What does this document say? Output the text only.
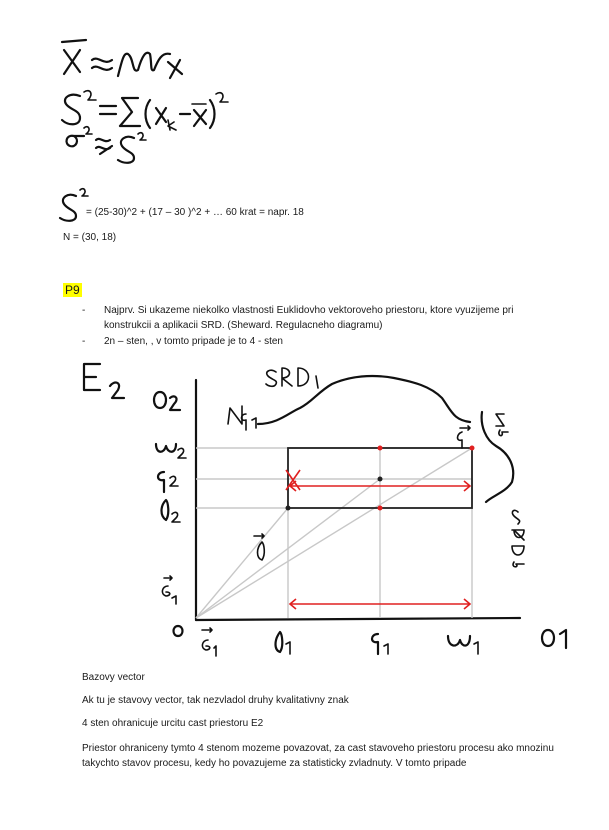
= (25-30)^2 + (17 – 30 )^2 + … 60 krat = napr. 18
N = (30, 18)
P9
- Najprv. Si ukazeme niekolko vlastnosti Euklidovho vektoroveho priestoru, ktore vyuzijeme pri konstrukcii a aplikacii SRD. (Sheward. Regulacneho diagramu)
- 2n – sten, , v tomto pripade je to 4 - sten
Bazovy vector
Ak tu je stavovy vector, tak nezvladol druhy kvalitativny znak
4 sten ohranicuje urcitu cast priestoru E2
Priestor ohraniceny tymto 4 stenom mozeme povazovat, za cast stavoveho priestoru procesu ako mnozinu takychto stavov procesu, kedy ho povazujeme za statisticky zvladnuty. V tomto pripade
